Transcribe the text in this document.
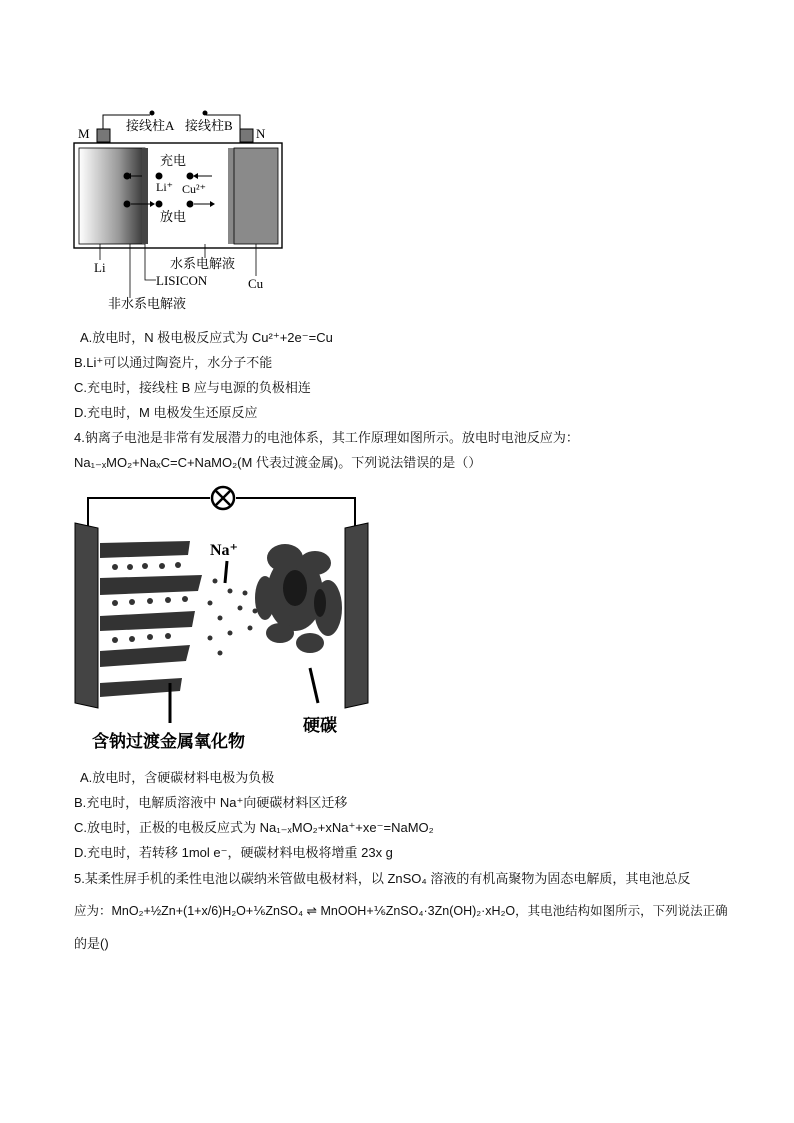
M	N
接线柱A 接线柱B
充电
Li⁺ Cu²⁺
放电
Li	水系电解液
LISICON	Cu
非水系电解液
A.放电时，N 极电极反应式为 Cu²⁺+2e⁻=Cu
B.Li⁺可以通过陶瓷片，水分子不能
C.充电时，接线柱 B 应与电源的负极相连
D.充电时，M 电极发生还原反应
4.钠离子电池是非常有发展潜力的电池体系，其工作原理如图所示。放电时电池反应为：
Na₁₋ₓMO₂+NaₓC=C+NaMO₂(M 代表过渡金属)。下列说法错误的是（）
Na⁺
含钠过渡金属氧化物
硬碳
A.放电时，含硬碳材料电极为负极
B.充电时，电解质溶液中 Na⁺向硬碳材料区迁移
C.放电时，正极的电极反应式为 Na₁₋ₓMO₂+xNa⁺+xe⁻=NaMO₂
D.充电时，若转移 1mol e⁻，硬碳材料电极将增重 23x g
5.某柔性屏手机的柔性电池以碳纳米管做电极材料，以 ZnSO₄ 溶液的有机高聚物为固态电解质，其电池总反
应为：MnO₂+½Zn+(1+x/6)H₂O+⅙ZnSO₄ ⇌ MnOOH+⅙ZnSO₄·3Zn(OH)₂·xH₂O，其电池结构如图所示，下列说法正确
的是()
